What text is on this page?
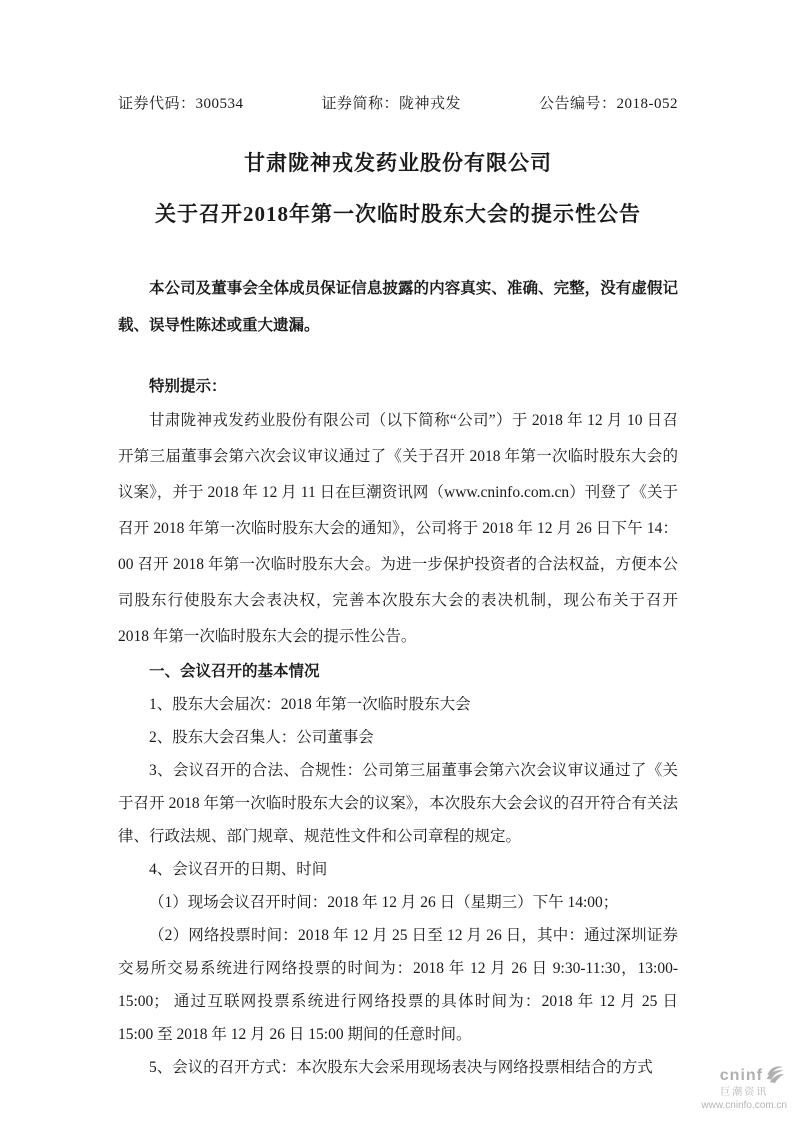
证券代码：300534	证券简称：陇神戎发	公告编号：2018-052
甘肃陇神戎发药业股份有限公司
关于召开2018年第一次临时股东大会的提示性公告

本公司及董事会全体成员保证信息披露的内容真实、准确、完整，没有虚假记载、误导性陈述或重大遗漏。

特别提示：

甘肃陇神戎发药业股份有限公司（以下简称“公司”）于 2018 年 12 月 10 日召开第三届董事会第六次会议审议通过了《关于召开 2018 年第一次临时股东大会的议案》，并于 2018 年 12 月 11 日在巨潮资讯网（www.cninfo.com.cn）刊登了《关于召开 2018 年第一次临时股东大会的通知》，公司将于 2018 年 12 月 26 日下午 14：00 召开 2018 年第一次临时股东大会。为进一步保护投资者的合法权益，方便本公司股东行使股东大会表决权，完善本次股东大会的表决机制，现公布关于召开 2018 年第一次临时股东大会的提示性公告。

一、会议召开的基本情况

1、股东大会届次：2018 年第一次临时股东大会

2、股东大会召集人：公司董事会

3、会议召开的合法、合规性：公司第三届董事会第六次会议审议通过了《关于召开 2018 年第一次临时股东大会的议案》，本次股东大会会议的召开符合有关法律、行政法规、部门规章、规范性文件和公司章程的规定。

4、会议召开的日期、时间

（1）现场会议召开时间：2018 年 12 月 26 日（星期三）下午 14:00；

（2）网络投票时间：2018 年 12 月 25 日至 12 月 26 日，其中：通过深圳证券交易所交易系统进行网络投票的时间为：2018 年 12 月 26 日 9:30-11:30，13:00-15:00； 通过互联网投票系统进行网络投票的具体时间为：2018 年 12 月 25 日 15:00 至 2018 年 12 月 26 日 15:00 期间的任意时间。

5、会议的召开方式：本次股东大会采用现场表决与网络投票相结合的方式	cninf
巨潮资讯
www.cninfo.com.cn
